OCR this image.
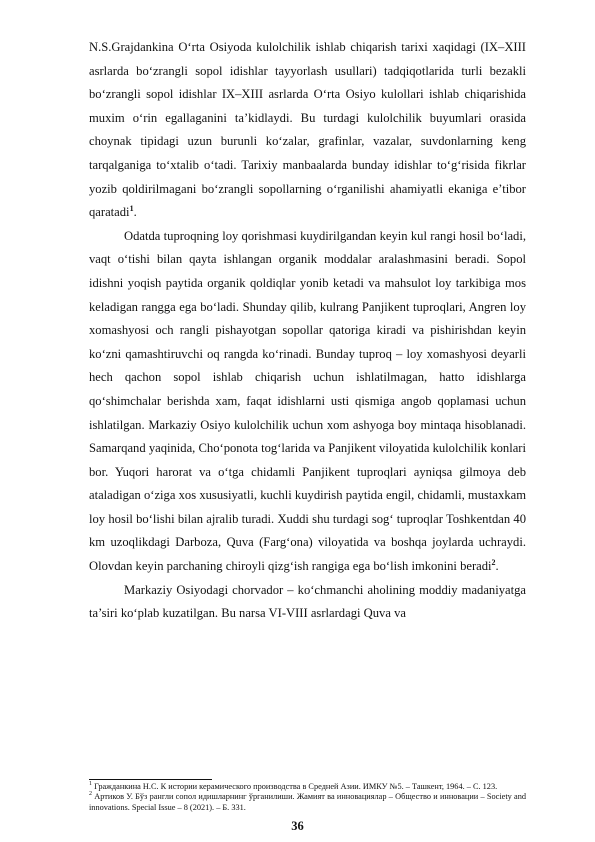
N.S.Grajdankina O‘rta Osiyoda kulolchilik ishlab chiqarish tarixi xaqidagi (IX–XIII asrlarda bo‘zrangli sopol idishlar tayyorlash usullari) tadqiqotlarida turli bezakli bo‘zrangli sopol idishlar IX–XIII asrlarda O‘rta Osiyo kulollari ishlab chiqarishida muxim o‘rin egallaganini ta’kidlaydi. Bu turdagi kulolchilik buyumlari orasida choynak tipidagi uzun burunli ko‘zalar, grafinlar, vazalar, suvdonlarning keng tarqalganiga to‘xtalib o‘tadi. Tarixiy manbaalarda bunday idishlar to‘g‘risida fikrlar yozib qoldirilmagani bo‘zrangli sopollarning o‘rganilishi ahamiyatli ekaniga e’tibor qaratadi$^1$.

Odatda tuproqning loy qorishmasi kuydirilgandan keyin kul rangi hosil bo‘ladi, vaqt o‘tishi bilan qayta ishlangan organik moddalar aralashmasini beradi. Sopol idishni yoqish paytida organik qoldiqlar yonib ketadi va mahsulot loy tarkibiga mos keladigan rangga ega bo‘ladi. Shunday qilib, kulrang Panjikent tuproqlari, Angren loy xomashyosi och rangli pishayotgan sopollar qatoriga kiradi va pishirishdan keyin ko‘zni qamashtiruvchi oq rangda ko‘rinadi. Bunday tuproq – loy xomashyosi deyarli hech qachon sopol ishlab chiqarish uchun ishlatilmagan, hatto idishlarga qo‘shimchalar berishda xam, faqat idishlarni usti qismiga angob qoplamasi uchun ishlatilgan. Markaziy Osiyo kulolchilik uchun xom ashyoga boy mintaqa hisoblanadi. Samarqand yaqinida, Cho‘ponota tog‘larida va Panjikent viloyatida kulolchilik konlari bor. Yuqori harorat va o‘tga chidamli Panjikent tuproqlari ayniqsa gilmoya deb ataladigan o‘ziga xos xususiyatli, kuchli kuydirish paytida engil, chidamli, mustaxkam loy hosil bo‘lishi bilan ajralib turadi. Xuddi shu turdagi sog‘ tuproqlar Toshkentdan 40 km uzoqlikdagi Darboza, Quva (Farg‘ona) viloyatida va boshqa joylarda uchraydi. Olovdan keyin parchaning chiroyli qizg‘ish rangiga ega bo‘lish imkonini beradi$^2$.

Markaziy Osiyodagi chorvador – ko‘chmanchi aholining moddiy madaniyatga ta’siri ko‘plab kuzatilgan. Bu narsa VI-VIII asrlardagi Quva va

$^1$ Гражданкина Н.С. К истории керамического производства в Средней Азии. ИМКУ №5. – Ташкент, 1964. – С. 123.

$^2$ Артиков У. Бўз рангли сопол идишларнинг ўрганилиши. Жамият ва инновациялар – Общество и инновации – Society and innovations. Special Issue – 8 (2021). – Б. 331.

36
